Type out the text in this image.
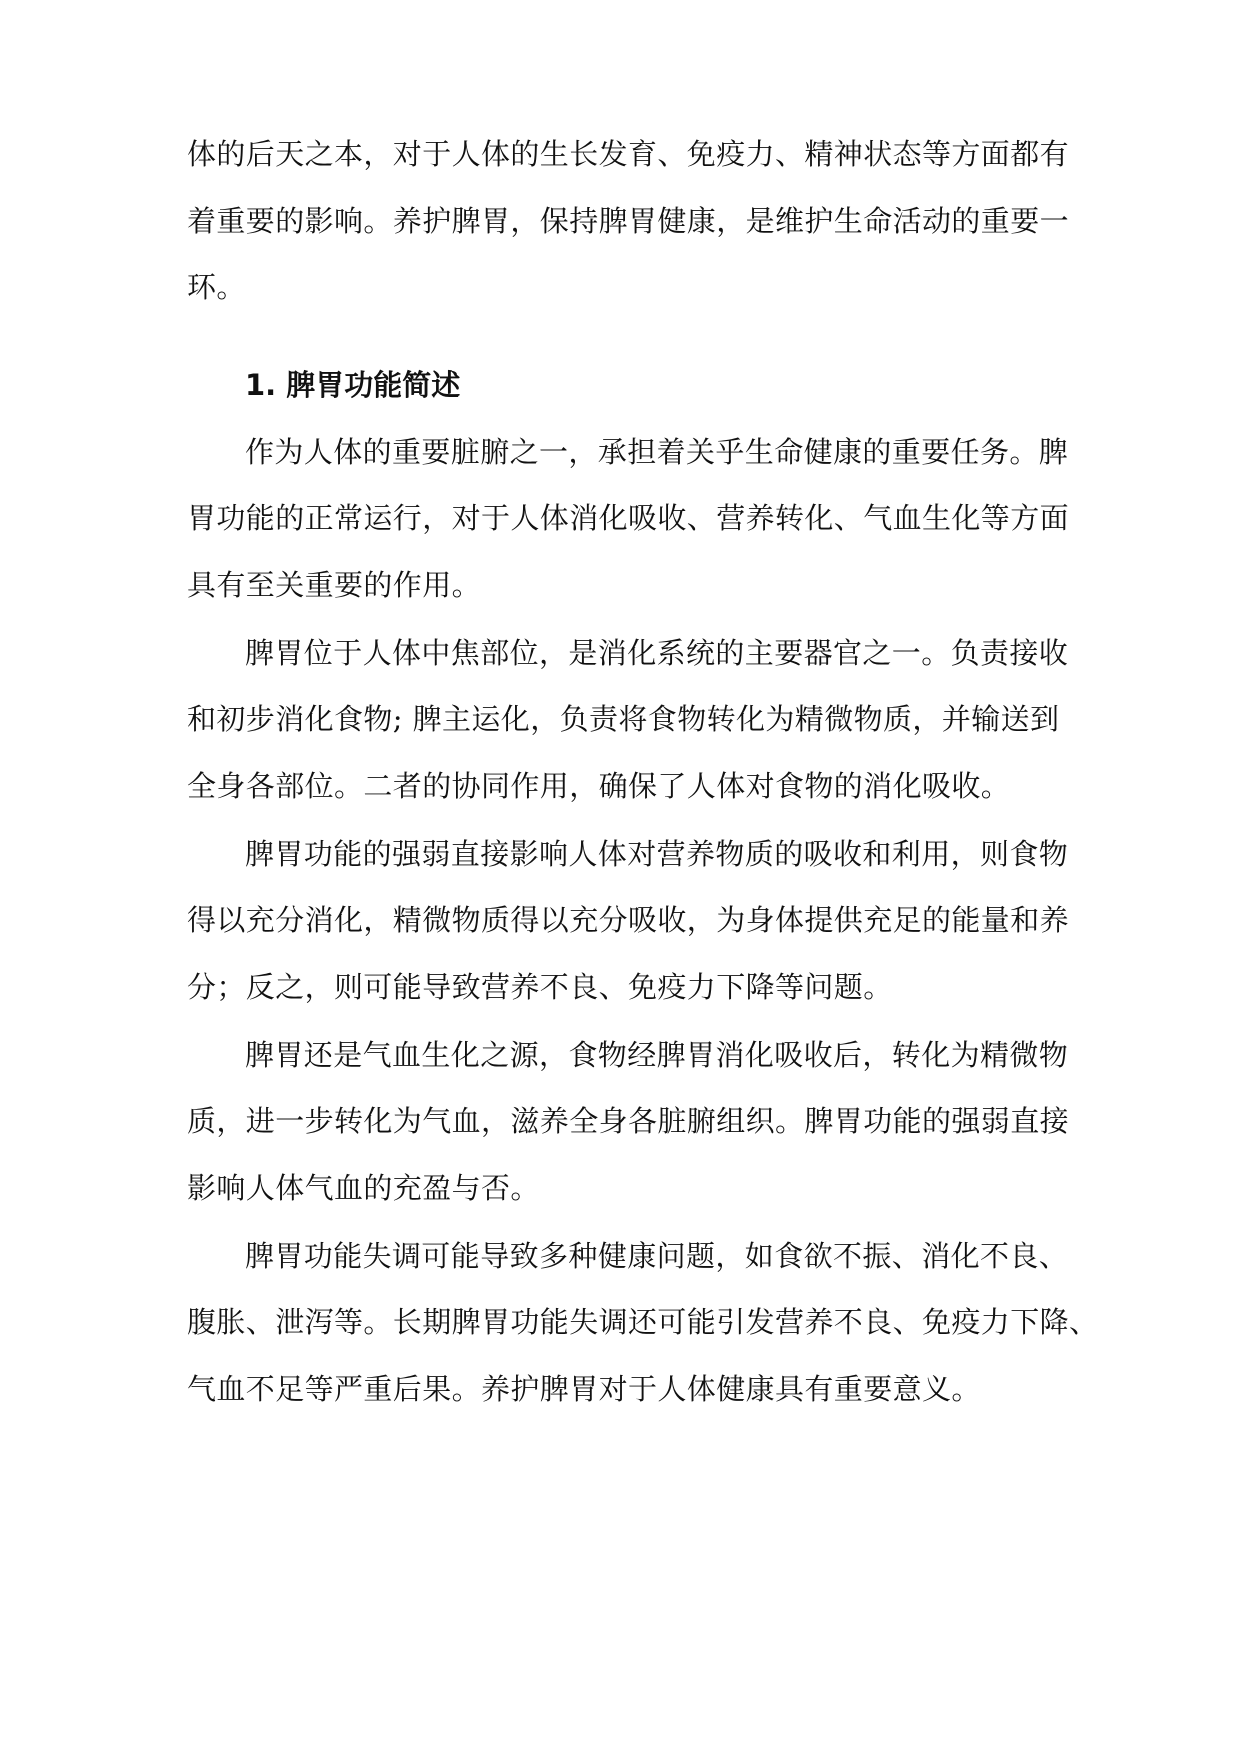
体的后天之本，对于人体的生长发育、免疫力、精神状态等方面都有
着重要的影响。养护脾胃，保持脾胃健康，是维护生命活动的重要一
环。
1. 脾胃功能简述
作为人体的重要脏腑之一，承担着关乎生命健康的重要任务。脾
胃功能的正常运行，对于人体消化吸收、营养转化、气血生化等方面
具有至关重要的作用。
脾胃位于人体中焦部位，是消化系统的主要器官之一。负责接收
和初步消化食物; 脾主运化，负责将食物转化为精微物质，并输送到
全身各部位。二者的协同作用，确保了人体对食物的消化吸收。
脾胃功能的强弱直接影响人体对营养物质的吸收和利用，则食物
得以充分消化，精微物质得以充分吸收，为身体提供充足的能量和养
分；反之，则可能导致营养不良、免疫力下降等问题。
脾胃还是气血生化之源，食物经脾胃消化吸收后，转化为精微物
质，进一步转化为气血，滋养全身各脏腑组织。脾胃功能的强弱直接
影响人体气血的充盈与否。
脾胃功能失调可能导致多种健康问题，如食欲不振、消化不良、
腹胀、泄泻等。长期脾胃功能失调还可能引发营养不良、免疫力下降、
气血不足等严重后果。养护脾胃对于人体健康具有重要意义。
